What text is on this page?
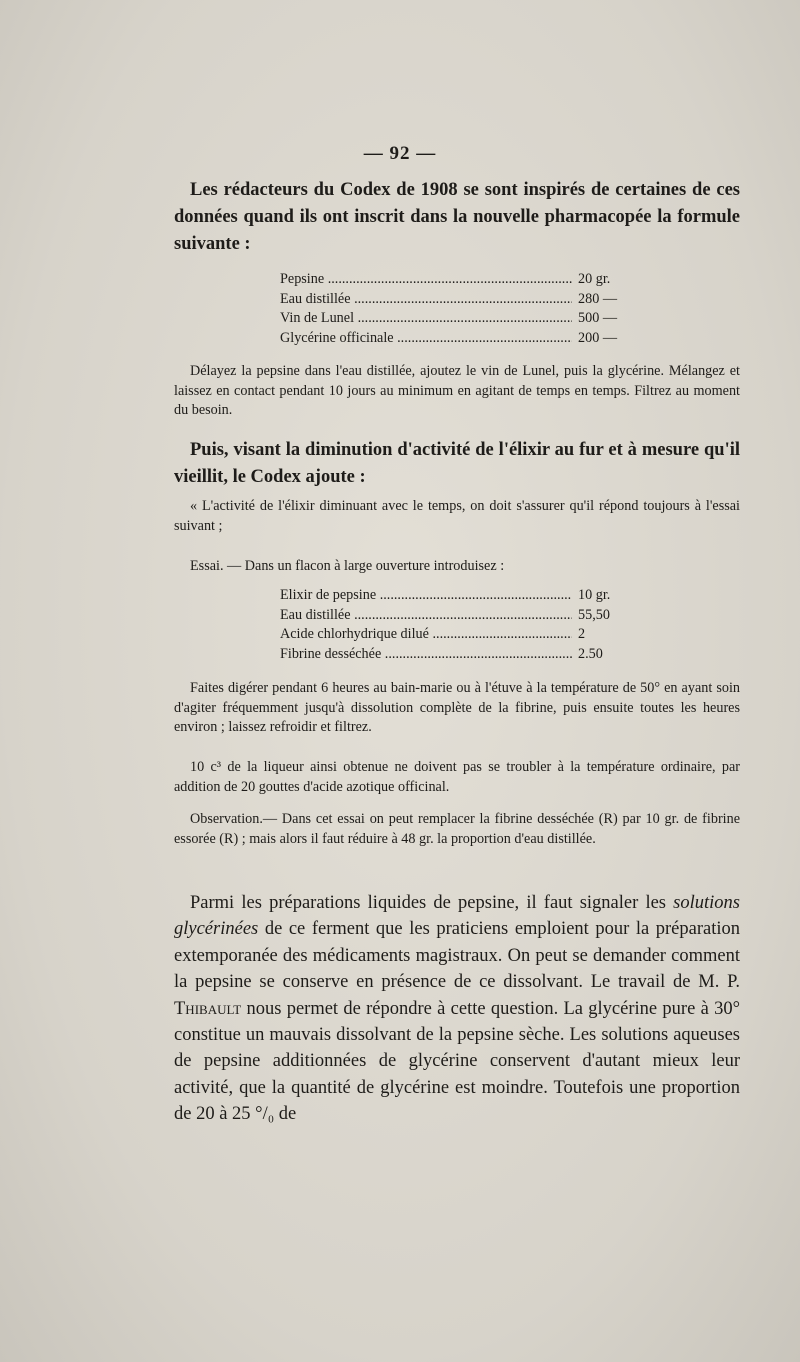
— 92 —

Les rédacteurs du Codex de 1908 se sont inspirés de certaines de ces données quand ils ont inscrit dans la nouvelle pharmacopée la formule suivante :

Pepsine .....	20 gr.
Eau distillée .....	280 —
Vin de Lunel .....	500 —
Glycérine officinale .....	200 —

Délayez la pepsine dans l'eau distillée, ajoutez le vin de Lunel, puis la glycérine. Mélangez et laissez en contact pendant 10 jours au minimum en agitant de temps en temps. Filtrez au moment du besoin.

Puis, visant la diminution d'activité de l'élixir au fur et à mesure qu'il vieillit, le Codex ajoute :

« L'activité de l'élixir diminuant avec le temps, on doit s'assurer qu'il répond toujours à l'essai suivant ;

Essai. — Dans un flacon à large ouverture introduisez :

Elixir de pepsine .....	10 gr.
Eau distillée .....	55,50
Acide chlorhydrique dilué .....	2
Fibrine desséchée .....	2.50

Faites digérer pendant 6 heures au bain-marie ou à l'étuve à la température de 50° en ayant soin d'agiter fréquemment jusqu'à dissolution complète de la fibrine, puis ensuite toutes les heures environ ; laissez refroidir et filtrez.

10 c³ de la liqueur ainsi obtenue ne doivent pas se troubler à la température ordinaire, par addition de 20 gouttes d'acide azotique officinal.

Observation.— Dans cet essai on peut remplacer la fibrine desséchée (R) par 10 gr. de fibrine essorée (R) ; mais alors il faut réduire à 48 gr. la proportion d'eau distillée.

Parmi les préparations liquides de pepsine, il faut signaler les solutions glycérinées de ce ferment que les praticiens emploient pour la préparation extemporanée des médicaments magistraux. On peut se demander comment la pepsine se conserve en présence de ce dissolvant. Le travail de M. P. Thibault nous permet de répondre à cette question. La glycérine pure à 30° constitue un mauvais dissolvant de la pepsine sèche. Les solutions aqueuses de pepsine additionnées de glycérine conservent d'autant mieux leur activité, que la quantité de glycérine est moindre. Toutefois une proportion de 20 à 25 °/₀ de
